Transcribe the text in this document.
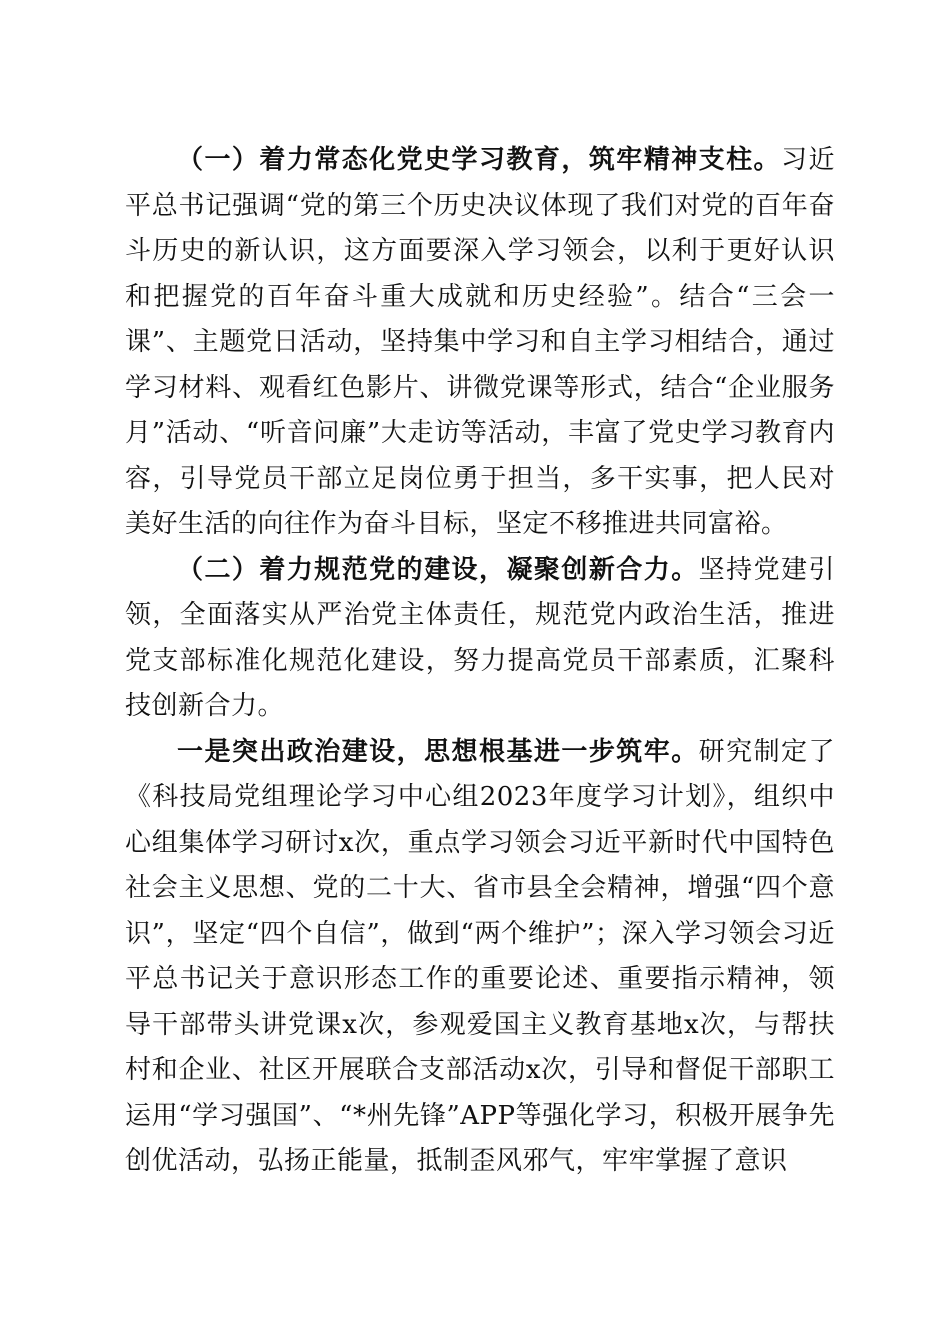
（一）着力常态化党史学习教育，筑牢精神支柱。习近平总书记强调“党的第三个历史决议体现了我们对党的百年奋斗历史的新认识，这方面要深入学习领会，以利于更好认识和把握党的百年奋斗重大成就和历史经验”。结合“三会一课”、主题党日活动，坚持集中学习和自主学习相结合，通过学习材料、观看红色影片、讲微党课等形式，结合“企业服务月”活动、“听音问廉”大走访等活动，丰富了党史学习教育内容，引导党员干部立足岗位勇于担当，多干实事，把人民对美好生活的向往作为奋斗目标，坚定不移推进共同富裕。

（二）着力规范党的建设，凝聚创新合力。坚持党建引领，全面落实从严治党主体责任，规范党内政治生活，推进党支部标准化规范化建设，努力提高党员干部素质，汇聚科技创新合力。

一是突出政治建设，思想根基进一步筑牢。研究制定了《科技局党组理论学习中心组2023年度学习计划》，组织中心组集体学习研讨x次，重点学习领会习近平新时代中国特色社会主义思想、党的二十大、省市县全会精神，增强“四个意识”，坚定“四个自信”，做到“两个维护”；深入学习领会习近平总书记关于意识形态工作的重要论述、重要指示精神，领导干部带头讲党课x次，参观爱国主义教育基地x次，与帮扶村和企业、社区开展联合支部活动x次，引导和督促干部职工运用“学习强国”、“*州先锋”APP等强化学习，积极开展争先创优活动，弘扬正能量，抵制歪风邪气，牢牢掌握了意识
